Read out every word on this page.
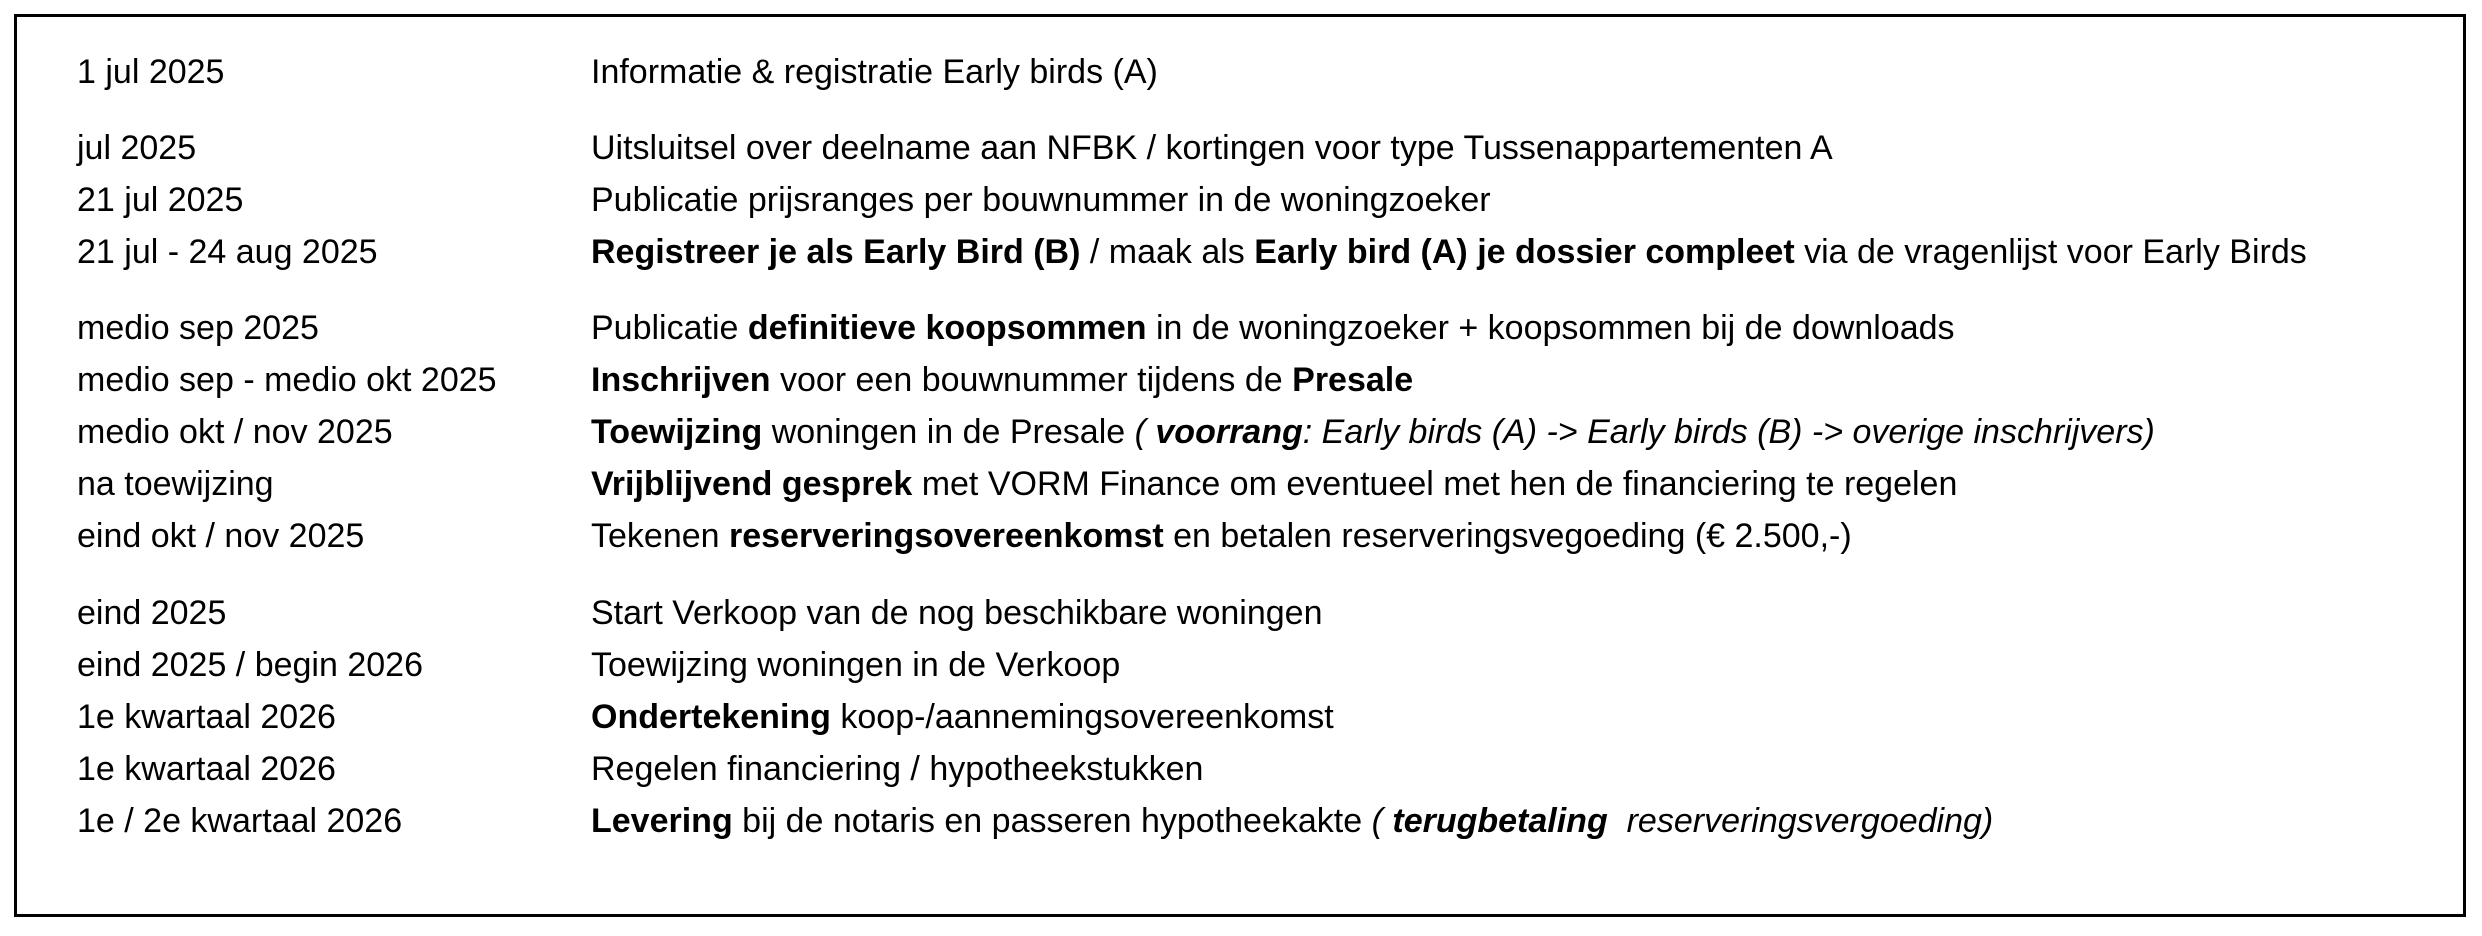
1 jul 2025	Informatie & registratie Early birds (A)
jul 2025	Uitsluitsel over deelname aan NFBK / kortingen voor type Tussenappartementen A
21 jul 2025	Publicatie prijsranges per bouwnummer in de woningzoeker
21 jul - 24 aug 2025	Registreer je als Early Bird (B) / maak als Early bird (A) je dossier compleet via de vragenlijst voor Early Birds
medio sep 2025	Publicatie definitieve koopsommen in de woningzoeker + koopsommen bij de downloads
medio sep - medio okt 2025	Inschrijven voor een bouwnummer tijdens de Presale
medio okt / nov 2025	Toewijzing woningen in de Presale ( voorrang: Early birds (A) -> Early birds (B) -> overige inschrijvers)
na toewijzing	Vrijblijvend gesprek met VORM Finance om eventueel met hen de financiering te regelen
eind okt / nov 2025	Tekenen reserveringsovereenkomst en betalen reserveringsvegoeding (€ 2.500,-)
eind 2025	Start Verkoop van de nog beschikbare woningen
eind 2025 / begin 2026	Toewijzing woningen in de Verkoop
1e kwartaal 2026	Ondertekening koop-/aannemingsovereenkomst
1e kwartaal 2026	Regelen financiering / hypotheekstukken
1e / 2e kwartaal 2026	Levering bij de notaris en passeren hypotheekakte ( terugbetaling  reserveringsvergoeding)
